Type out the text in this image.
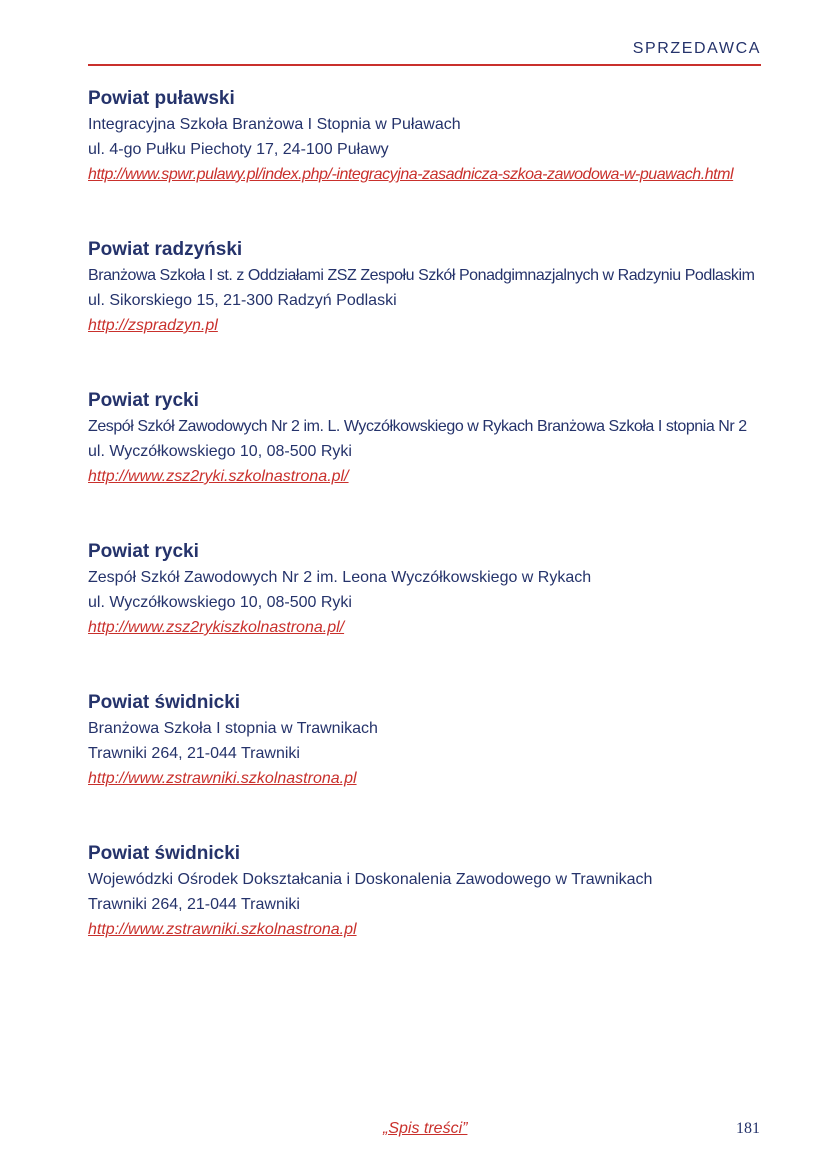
SPRZEDAWCA
Powiat puławski
Integracyjna Szkoła Branżowa I Stopnia w Puławach
ul. 4-go Pułku Piechoty 17, 24-100 Puławy
http://www.spwr.pulawy.pl/index.php/-integracyjna-zasadnicza-szkoa-zawodowa-w-puawach.html
Powiat radzyński
Branżowa Szkoła I st. z Oddziałami ZSZ Zespołu Szkół Ponadgimnazjalnych w Radzyniu Podlaskim
ul. Sikorskiego 15, 21-300 Radzyń Podlaski
http://zspradzyn.pl
Powiat rycki
Zespół Szkół Zawodowych Nr 2 im. L. Wyczółkowskiego w Rykach Branżowa Szkoła I stopnia Nr 2
ul. Wyczółkowskiego 10, 08-500 Ryki
http://www.zsz2ryki.szkolnastrona.pl/
Powiat rycki
Zespół Szkół Zawodowych Nr 2 im. Leona Wyczółkowskiego w Rykach
ul. Wyczółkowskiego 10, 08-500 Ryki
http://www.zsz2rykiszkolnastrona.pl/
Powiat świdnicki
Branżowa Szkoła I stopnia w Trawnikach
Trawniki 264, 21-044 Trawniki
http://www.zstrawniki.szkolnastrona.pl
Powiat świdnicki
Wojewódzki Ośrodek Dokształcania i Doskonalenia Zawodowego w Trawnikach
Trawniki 264, 21-044 Trawniki
http://www.zstrawniki.szkolnastrona.pl
„Spis treści”	181
